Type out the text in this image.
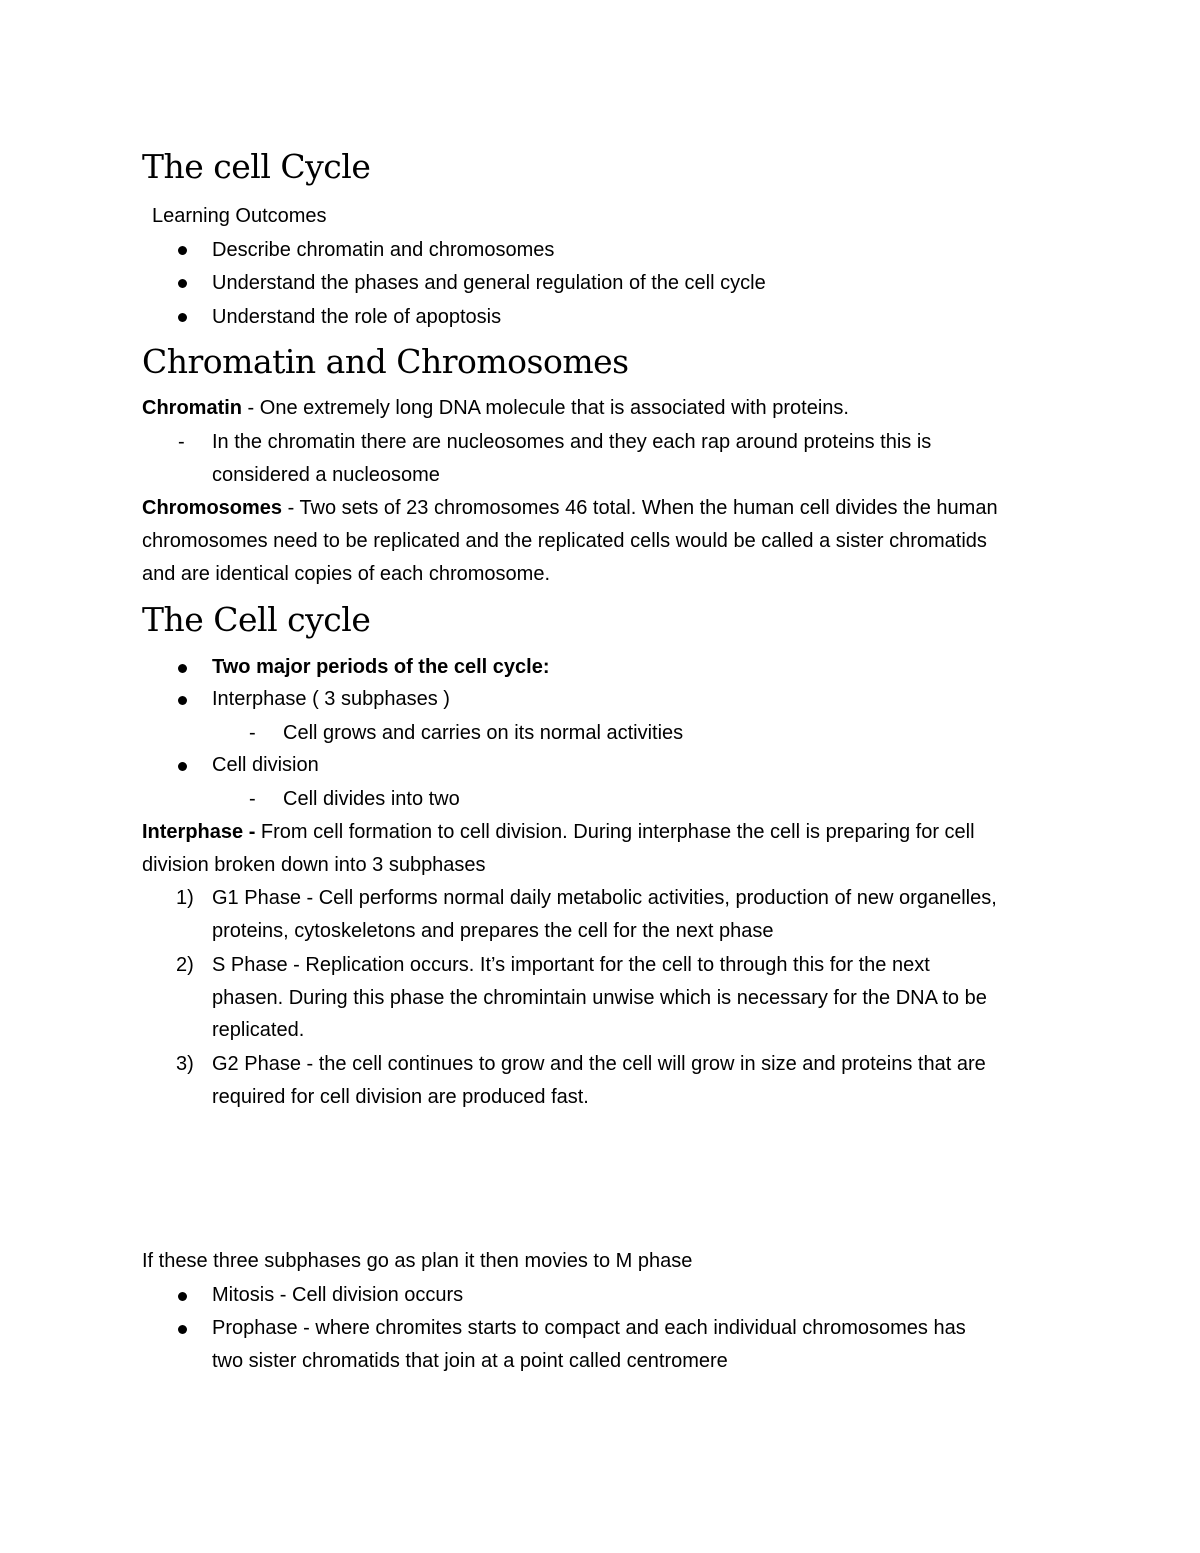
The cell Cycle

Learning Outcomes

Describe chromatin and chromosomes

Understand the phases and general regulation of the cell cycle

Understand the role of apoptosis

Chromatin and Chromosomes

Chromatin - One extremely long DNA molecule that is associated with proteins.

- In the chromatin there are nucleosomes and they each rap around proteins this is

considered a nucleosome

Chromosomes - Two sets of 23 chromosomes 46 total. When the human cell divides the human

chromosomes need to be replicated and the replicated cells would be called a sister chromatids

and are identical copies of each chromosome.

The Cell cycle

Two major periods of the cell cycle:

Interphase ( 3 subphases )

- Cell grows and carries on its normal activities

Cell division

- Cell divides into two

Interphase - From cell formation to cell division. During interphase the cell is preparing for cell

division broken down into 3 subphases

1) G1 Phase - Cell performs normal daily metabolic activities, production of new organelles,

proteins, cytoskeletons and prepares the cell for the next phase

2) S Phase - Replication occurs. It’s important for the cell to through this for the next

phasen. During this phase the chromintain unwise which is necessary for the DNA to be

replicated.

3) G2 Phase - the cell continues to grow and the cell will grow in size and proteins that are

required for cell division are produced fast.

If these three subphases go as plan it then movies to M phase

Mitosis - Cell division occurs

Prophase - where chromites starts to compact and each individual chromosomes has

two sister chromatids that join at a point called centromere
